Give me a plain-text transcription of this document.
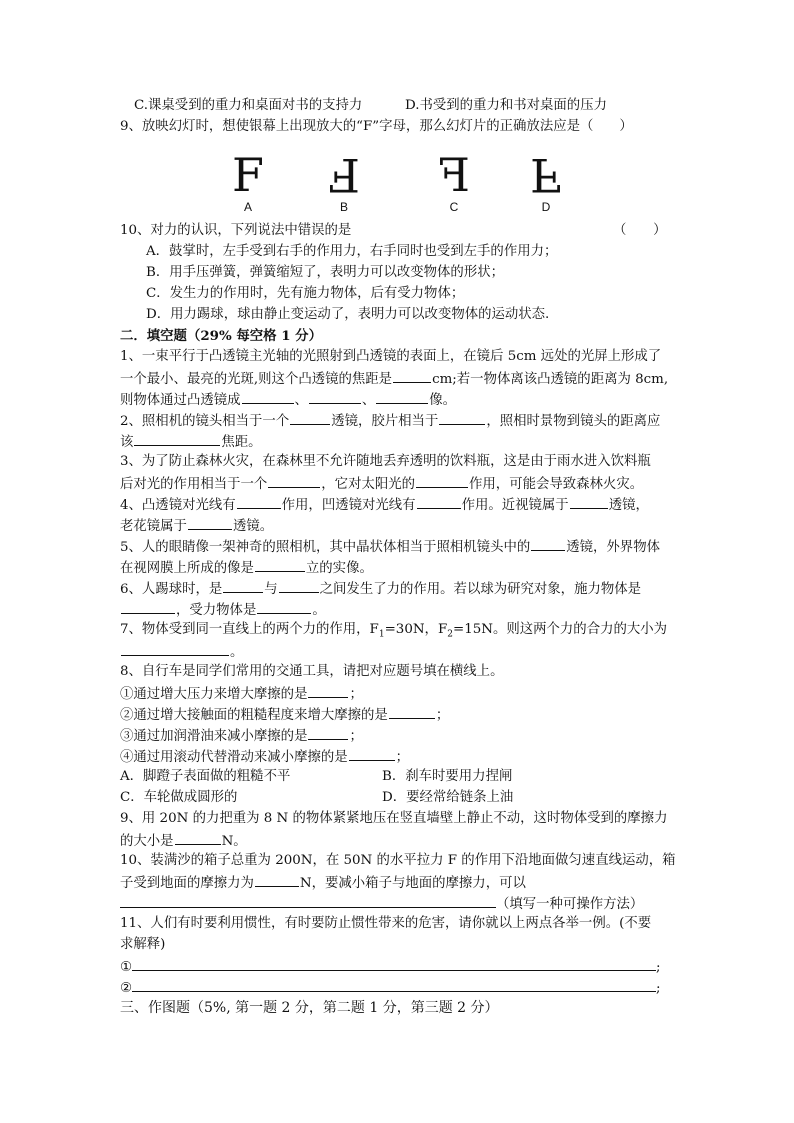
C.课桌受到的重力和桌面对书的支持力	D.书受到的重力和书对桌面的压力
9、放映幻灯时，想使银幕上出现放大的“F”字母，那么幻灯片的正确放法应是（ ）
F
A
F
B
F
C
F
D
10、对力的认识，下列说法中错误的是	（　　）
A．鼓掌时，左手受到右手的作用力，右手同时也受到左手的作用力；
B．用手压弹簧，弹簧缩短了，表明力可以改变物体的形状；
C．发生力的作用时，先有施力物体，后有受力物体；
D．用力踢球，球由静止变运动了，表明力可以改变物体的运动状态.
二．填空题（29% 每空格 1 分）
1、一束平行于凸透镜主光轴的光照射到凸透镜的表面上，在镜后 5cm 远处的光屏上形成了
一个最小、最亮的光斑,则这个凸透镜的焦距是	cm;若一物体离该凸透镜的距离为 8cm,
则物体通过凸透镜成	、	、	像。
2、照相机的镜头相当于一个	透镜，胶片相当于	，照相时景物到镜头的距离应
该	焦距。
3、为了防止森林火灾，在森林里不允许随地丢弃透明的饮料瓶，这是由于雨水进入饮料瓶
后对光的作用相当于一个	，它对太阳光的	作用，可能会导致森林火灾。
4、凸透镜对光线有	作用，凹透镜对光线有	作用。近视镜属于	透镜，
老花镜属于	透镜。
5、人的眼睛像一架神奇的照相机，其中晶状体相当于照相机镜头中的	透镜，外界物体
在视网膜上所成的像是	立的实像。
6、人踢球时，是	与	之间发生了力的作用。若以球为研究对象，施力物体是
，受力物体是	。
7、物体受到同一直线上的两个力的作用，$F_1=30N$，$F_2=15N$。则这两个力的合力的大小为
。
8、自行车是同学们常用的交通工具，请把对应题号填在横线上。
①通过增大压力来增大摩擦的是	；
②通过增大接触面的粗糙程度来增大摩擦的是	；
③通过加润滑油来减小摩擦的是	；
④通过用滚动代替滑动来减小摩擦的是	；
A．脚蹬子表面做的粗糙不平	B．刹车时要用力捏闸
C．车轮做成圆形的	D．要经常给链条上油
9、用 20N 的力把重为 8 N 的物体紧紧地压在竖直墙壁上静止不动，这时物体受到的摩擦力
的大小是	N。
10、装满沙的箱子总重为 200N，在 50N 的水平拉力 F 的作用下沿地面做匀速直线运动，箱
子受到地面的摩擦力为	N，要减小箱子与地面的摩擦力，可以
（填写一种可操作方法）
11、人们有时要利用惯性，有时要防止惯性带来的危害，请你就以上两点各举一例。(不要
求解释)
①	;
②	;
三、作图题（5%, 第一题 2 分，第二题 1 分，第三题 2 分）
